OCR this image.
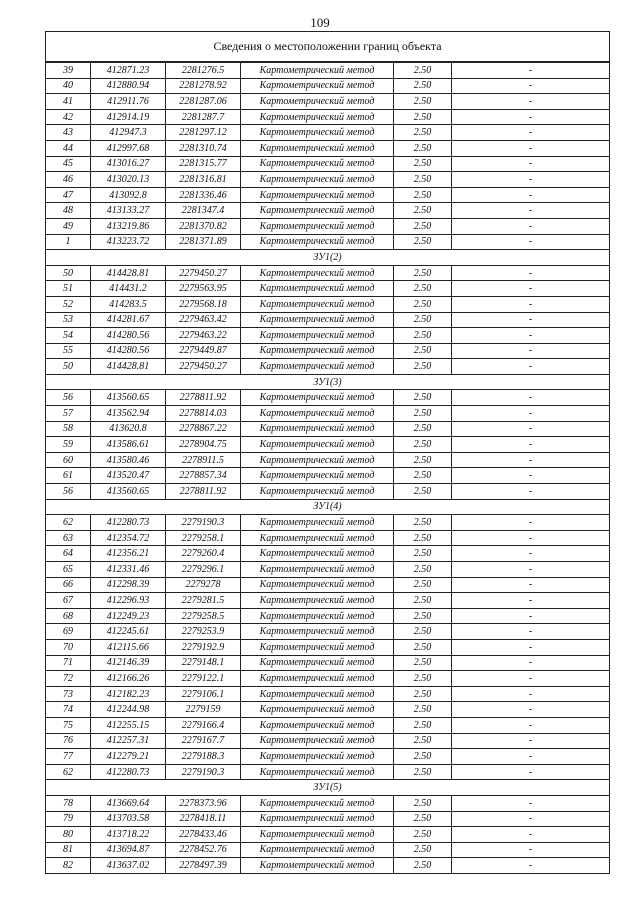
109
Сведения о местоположении границ объекта					
39	412871.23	2281276.5	Картометрический метод	2.50	-
40	412880.94	2281278.92	Картометрический метод	2.50	-
41	412911.76	2281287.06	Картометрический метод	2.50	-
42	412914.19	2281287.7	Картометрический метод	2.50	-
43	412947.3	2281297.12	Картометрический метод	2.50	-
44	412997.68	2281310.74	Картометрический метод	2.50	-
45	413016.27	2281315.77	Картометрический метод	2.50	-
46	413020.13	2281316.81	Картометрический метод	2.50	-
47	413092.8	2281336.46	Картометрический метод	2.50	-
48	413133.27	2281347.4	Картометрический метод	2.50	-
49	413219.86	2281370.82	Картометрический метод	2.50	-
1	413223.72	2281371.89	Картометрический метод	2.50	-
ЗУ1(2)					
50	414428.81	2279450.27	Картометрический метод	2.50	-
51	414431.2	2279563.95	Картометрический метод	2.50	-
52	414283.5	2279568.18	Картометрический метод	2.50	-
53	414281.67	2279463.42	Картометрический метод	2.50	-
54	414280.56	2279463.22	Картометрический метод	2.50	-
55	414280.56	2279449.87	Картометрический метод	2.50	-
50	414428.81	2279450.27	Картометрический метод	2.50	-
ЗУ1(3)					
56	413560.65	2278811.92	Картометрический метод	2.50	-
57	413562.94	2278814.03	Картометрический метод	2.50	-
58	413620.8	2278867.22	Картометрический метод	2.50	-
59	413586.61	2278904.75	Картометрический метод	2.50	-
60	413580.46	2278911.5	Картометрический метод	2.50	-
61	413520.47	2278857.34	Картометрический метод	2.50	-
56	413560.65	2278811.92	Картометрический метод	2.50	-
ЗУ1(4)					
62	412280.73	2279190.3	Картометрический метод	2.50	-
63	412354.72	2279258.1	Картометрический метод	2.50	-
64	412356.21	2279260.4	Картометрический метод	2.50	-
65	412331.46	2279296.1	Картометрический метод	2.50	-
66	412298.39	2279278	Картометрический метод	2.50	-
67	412296.93	2279281.5	Картометрический метод	2.50	-
68	412249.23	2279258.5	Картометрический метод	2.50	-
69	412245.61	2279253.9	Картометрический метод	2.50	-
70	412115.66	2279192.9	Картометрический метод	2.50	-
71	412146.39	2279148.1	Картометрический метод	2.50	-
72	412166.26	2279122.1	Картометрический метод	2.50	-
73	412182.23	2279106.1	Картометрический метод	2.50	-
74	412244.98	2279159	Картометрический метод	2.50	-
75	412255.15	2279166.4	Картометрический метод	2.50	-
76	412257.31	2279167.7	Картометрический метод	2.50	-
77	412279.21	2279188.3	Картометрический метод	2.50	-
62	412280.73	2279190.3	Картометрический метод	2.50	-
ЗУ1(5)					
78	413669.64	2278373.96	Картометрический метод	2.50	-
79	413703.58	2278418.11	Картометрический метод	2.50	-
80	413718.22	2278433.46	Картометрический метод	2.50	-
81	413694.87	2278452.76	Картометрический метод	2.50	-
82	413637.02	2278497.39	Картометрический метод	2.50	-
